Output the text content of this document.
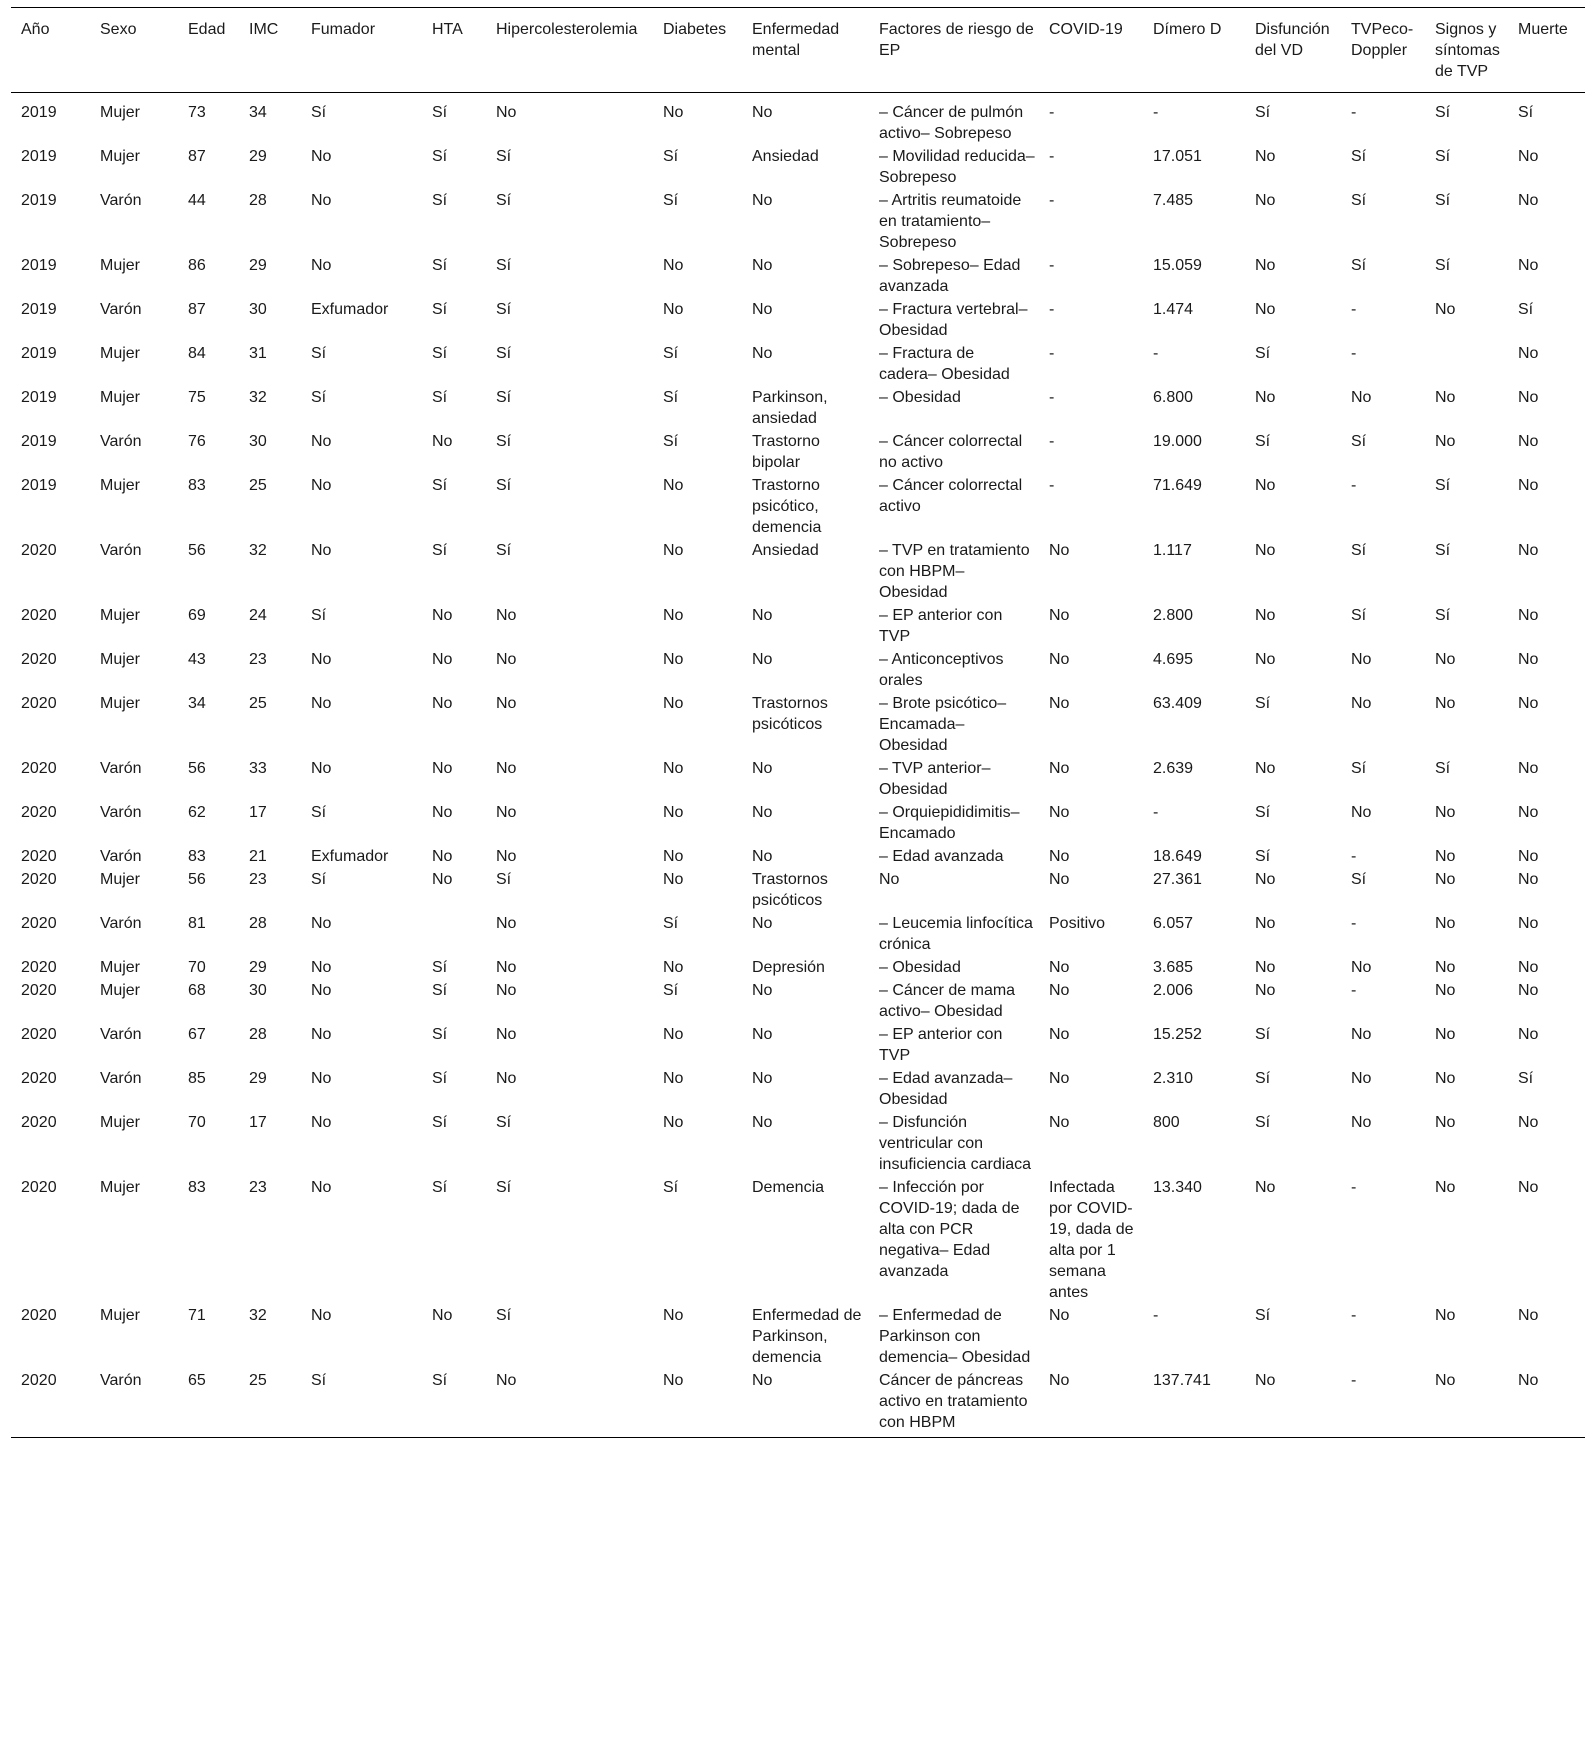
Año	Sexo	Edad	IMC	Fumador	HTA	Hipercolesterolemia	Diabetes	Enfermedad mental	Factores de riesgo de EP	COVID-19	Dímero D	Disfunción del VD	TVPeco-Doppler	Signos y síntomas de TVP	Muerte
2019	Mujer	73	34	Sí	Sí	No	No	No	– Cáncer de pulmón activo– Sobrepeso	-	-	Sí	-	Sí	Sí
2019	Mujer	87	29	No	Sí	Sí	Sí	Ansiedad	– Movilidad reducida– Sobrepeso	-	17.051	No	Sí	Sí	No
2019	Varón	44	28	No	Sí	Sí	Sí	No	– Artritis reumatoide en tratamiento– Sobrepeso	-	7.485	No	Sí	Sí	No
2019	Mujer	86	29	No	Sí	Sí	No	No	– Sobrepeso– Edad avanzada	-	15.059	No	Sí	Sí	No
2019	Varón	87	30	Exfumador	Sí	Sí	No	No	– Fractura vertebral– Obesidad	-	1.474	No	-	No	Sí
2019	Mujer	84	31	Sí	Sí	Sí	Sí	No	– Fractura de cadera– Obesidad	-	-	Sí	-		No
2019	Mujer	75	32	Sí	Sí	Sí	Sí	Parkinson, ansiedad	– Obesidad	-	6.800	No	No	No	No
2019	Varón	76	30	No	No	Sí	Sí	Trastorno bipolar	– Cáncer colorrectal no activo	-	19.000	Sí	Sí	No	No
2019	Mujer	83	25	No	Sí	Sí	No	Trastorno psicótico, demencia	– Cáncer colorrectal activo	-	71.649	No	-	Sí	No
2020	Varón	56	32	No	Sí	Sí	No	Ansiedad	– TVP en tratamiento con HBPM– Obesidad	No	1.117	No	Sí	Sí	No
2020	Mujer	69	24	Sí	No	No	No	No	– EP anterior con TVP	No	2.800	No	Sí	Sí	No
2020	Mujer	43	23	No	No	No	No	No	– Anticonceptivos orales	No	4.695	No	No	No	No
2020	Mujer	34	25	No	No	No	No	Trastornos psicóticos	– Brote psicótico– Encamada– Obesidad	No	63.409	Sí	No	No	No
2020	Varón	56	33	No	No	No	No	No	– TVP anterior– Obesidad	No	2.639	No	Sí	Sí	No
2020	Varón	62	17	Sí	No	No	No	No	– Orquiepididimitis– Encamado	No	-	Sí	No	No	No
2020	Varón	83	21	Exfumador	No	No	No	No	– Edad avanzada	No	18.649	Sí	-	No	No
2020	Mujer	56	23	Sí	No	Sí	No	Trastornos psicóticos	No	No	27.361	No	Sí	No	No
2020	Varón	81	28	No		No	Sí	No	– Leucemia linfocítica crónica	Positivo	6.057	No	-	No	No
2020	Mujer	70	29	No	Sí	No	No	Depresión	– Obesidad	No	3.685	No	No	No	No
2020	Mujer	68	30	No	Sí	No	Sí	No	– Cáncer de mama activo– Obesidad	No	2.006	No	-	No	No
2020	Varón	67	28	No	Sí	No	No	No	– EP anterior con TVP	No	15.252	Sí	No	No	No
2020	Varón	85	29	No	Sí	No	No	No	– Edad avanzada– Obesidad	No	2.310	Sí	No	No	Sí
2020	Mujer	70	17	No	Sí	Sí	No	No	– Disfunción ventricular con insuficiencia cardiaca	No	800	Sí	No	No	No
2020	Mujer	83	23	No	Sí	Sí	Sí	Demencia	– Infección por COVID-19; dada de alta con PCR negativa– Edad avanzada	Infectada por COVID-19, dada de alta por 1 semana antes	13.340	No	-	No	No
2020	Mujer	71	32	No	No	Sí	No	Enfermedad de Parkinson, demencia	– Enfermedad de Parkinson con demencia– Obesidad	No	-	Sí	-	No	No
2020	Varón	65	25	Sí	Sí	No	No	No	Cáncer de páncreas activo en tratamiento con HBPM	No	137.741	No	-	No	No
